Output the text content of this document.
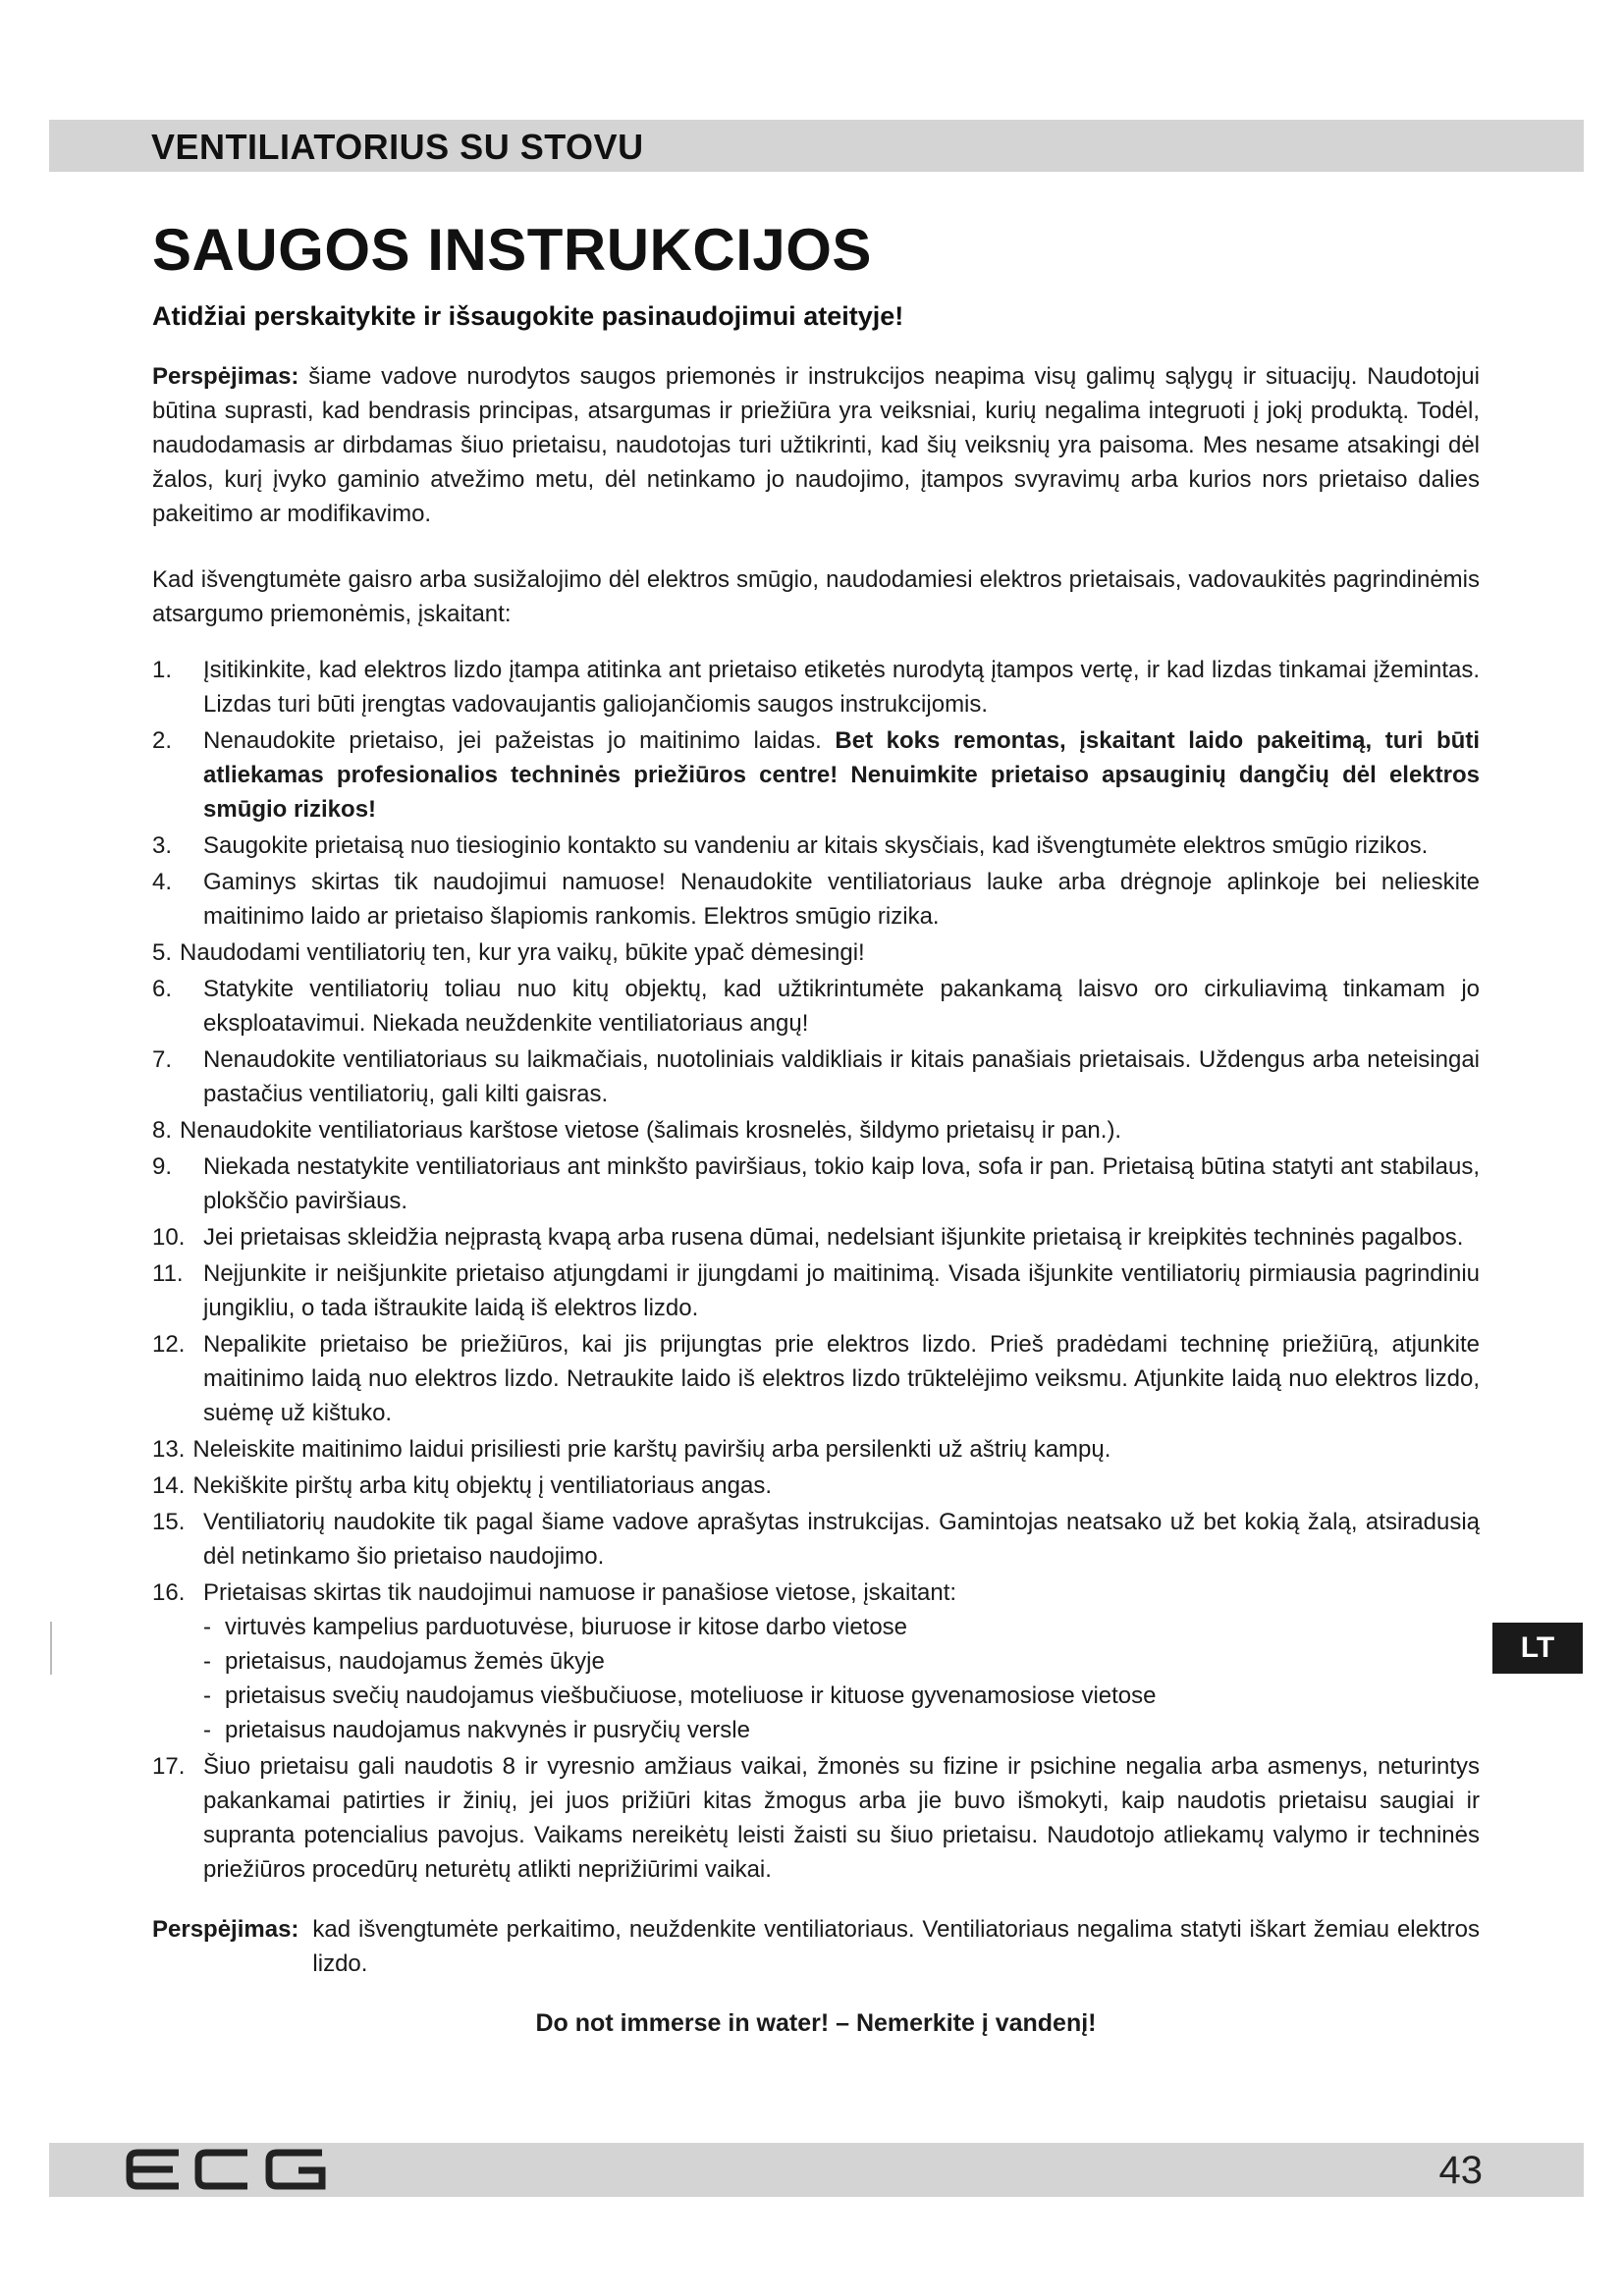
VENTILIATORIUS SU STOVU
SAUGOS INSTRUKCIJOS
Atidžiai perskaitykite ir išsaugokite pasinaudojimui ateityje!

Perspėjimas: šiame vadove nurodytos saugos priemonės ir instrukcijos neapima visų galimų sąlygų ir situacijų. Naudotojui būtina suprasti, kad bendrasis principas, atsargumas ir priežiūra yra veiksniai, kurių negalima integruoti į jokį produktą. Todėl, naudodamasis ar dirbdamas šiuo prietaisu, naudotojas turi užtikrinti, kad šių veiksnių yra paisoma. Mes nesame atsakingi dėl žalos, kurį įvyko gaminio atvežimo metu, dėl netinkamo jo naudojimo, įtampos svyravimų arba kurios nors prietaiso dalies pakeitimo ar modifikavimo.

Kad išvengtumėte gaisro arba susižalojimo dėl elektros smūgio, naudodamiesi elektros prietaisais, vadovaukitės pagrindinėmis atsargumo priemonėmis, įskaitant:

1. Įsitikinkite, kad elektros lizdo įtampa atitinka ant prietaiso etiketės nurodytą įtampos vertę, ir kad lizdas tinkamai įžemintas. Lizdas turi būti įrengtas vadovaujantis galiojančiomis saugos instrukcijomis.
2. Nenaudokite prietaiso, jei pažeistas jo maitinimo laidas. Bet koks remontas, įskaitant laido pakeitimą, turi būti atliekamas profesionalios techninės priežiūros centre! Nenuimkite prietaiso apsauginių dangčių dėl elektros smūgio rizikos!
3. Saugokite prietaisą nuo tiesioginio kontakto su vandeniu ar kitais skysčiais, kad išvengtumėte elektros smūgio rizikos.
4. Gaminys skirtas tik naudojimui namuose! Nenaudokite ventiliatoriaus lauke arba drėgnoje aplinkoje bei nelieskite maitinimo laido ar prietaiso šlapiomis rankomis. Elektros smūgio rizika.
5. Naudodami ventiliatorių ten, kur yra vaikų, būkite ypač dėmesingi!
6. Statykite ventiliatorių toliau nuo kitų objektų, kad užtikrintumėte pakankamą laisvo oro cirkuliavimą tinkamam jo eksploatavimui. Niekada neuždenkite ventiliatoriaus angų!
7. Nenaudokite ventiliatoriaus su laikmačiais, nuotoliniais valdikliais ir kitais panašiais prietaisais. Uždengus arba neteisingai pastačius ventiliatorių, gali kilti gaisras.
8. Nenaudokite ventiliatoriaus karštose vietose (šalimais krosnelės, šildymo prietaisų ir pan.).
9. Niekada nestatykite ventiliatoriaus ant minkšto paviršiaus, tokio kaip lova, sofa ir pan. Prietaisą būtina statyti ant stabilaus, plokščio paviršiaus.
10. Jei prietaisas skleidžia neįprastą kvapą arba rusena dūmai, nedelsiant išjunkite prietaisą ir kreipkitės techninės pagalbos.
11. Neįjunkite ir neišjunkite prietaiso atjungdami ir įjungdami jo maitinimą. Visada išjunkite ventiliatorių pirmiausia pagrindiniu jungikliu, o tada ištraukite laidą iš elektros lizdo.
12. Nepalikite prietaiso be priežiūros, kai jis prijungtas prie elektros lizdo. Prieš pradėdami techninę priežiūrą, atjunkite maitinimo laidą nuo elektros lizdo. Netraukite laido iš elektros lizdo trūktelėjimo veiksmu. Atjunkite laidą nuo elektros lizdo, suėmę už kištuko.
13. Neleiskite maitinimo laidui prisiliesti prie karštų paviršių arba persilenkti už aštrių kampų.
14. Nekiškite pirštų arba kitų objektų į ventiliatoriaus angas.
15. Ventiliatorių naudokite tik pagal šiame vadove aprašytas instrukcijas. Gamintojas neatsako už bet kokią žalą, atsiradusią dėl netinkamo šio prietaiso naudojimo.
16. Prietaisas skirtas tik naudojimui namuose ir panašiose vietose, įskaitant:
- virtuvės kampelius parduotuvėse, biuruose ir kitose darbo vietose
- prietaisus, naudojamus žemės ūkyje
- prietaisus svečių naudojamus viešbučiuose, moteliuose ir kituose gyvenamosiose vietose
- prietaisus naudojamus nakvynės ir pusryčių versle
17. Šiuo prietaisu gali naudotis 8 ir vyresnio amžiaus vaikai, žmonės su fizine ir psichine negalia arba asmenys, neturintys pakankamai patirties ir žinių, jei juos prižiūri kitas žmogus arba jie buvo išmokyti, kaip naudotis prietaisu saugiai ir supranta potencialius pavojus. Vaikams nereikėtų leisti žaisti su šiuo prietaisu. Naudotojo atliekamų valymo ir techninės priežiūros procedūrų neturėtų atlikti neprižiūrimi vaikai.

Perspėjimas: kad išvengtumėte perkaitimo, neuždenkite ventiliatoriaus. Ventiliatoriaus negalima statyti iškart žemiau elektros lizdo.

Do not immerse in water! – Nemerkite į vandenį!

LT
43
